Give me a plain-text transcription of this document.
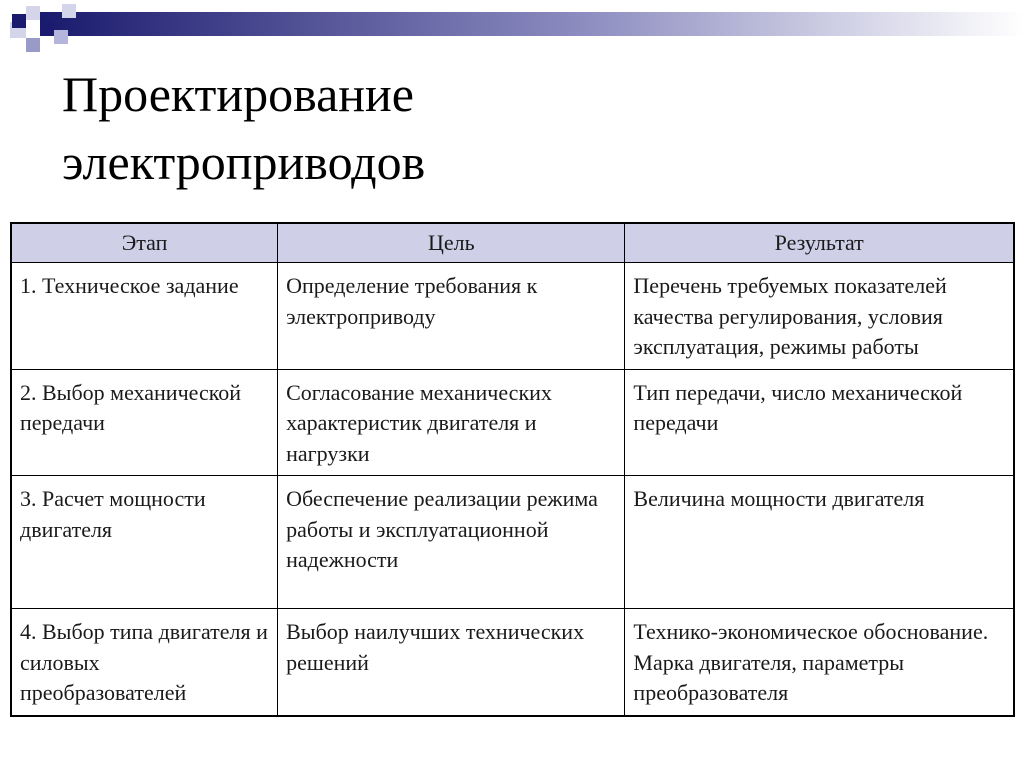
Проектирование
электроприводов
Этап	Цель	Результат
1. Техническое задание	Определение требования к электроприводу	Перечень требуемых показателей качества регулирования, условия эксплуатация, режимы работы
2. Выбор механической передачи	Согласование механических характеристик двигателя и нагрузки	Тип передачи, число механической передачи
3. Расчет мощности двигателя	Обеспечение реализации режима работы и эксплуатационной надежности	Величина мощности двигателя
4. Выбор типа двигателя и силовых преобразователей	Выбор наилучших технических решений	Технико-экономическое обоснование. Марка двигателя, параметры преобразователя
